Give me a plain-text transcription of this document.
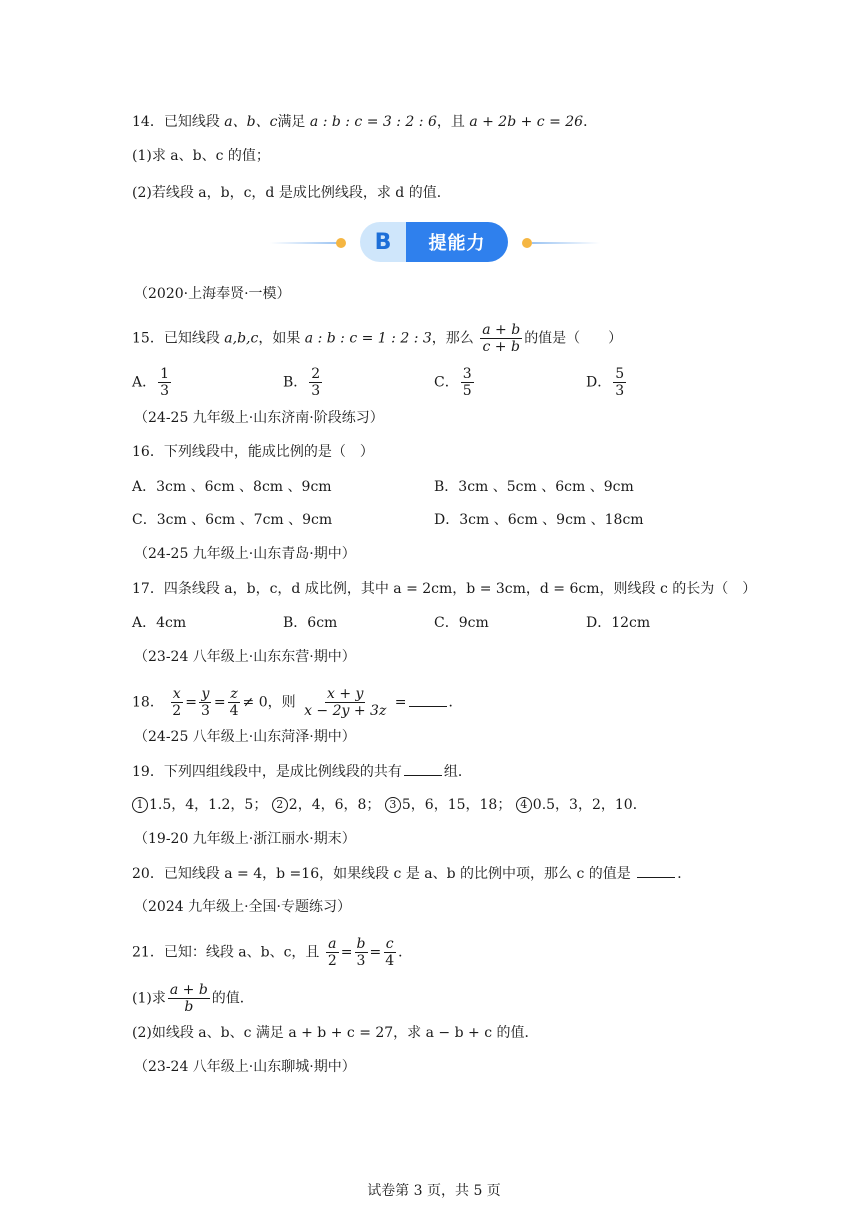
14．已知线段 a、b、c满足 a : b : c = 3 : 2 : 6，且 a + 2b + c = 26．
(1)求 a、b、c 的值；
(2)若线段 a，b，c，d 是成比例线段，求 d 的值．
B	提能力
（2020·上海奉贤·一模）
15．已知线段 a,b,c，如果 a : b : c = 1 : 2 : 3，那么 $\frac{a + b}{c + b}$ 的值是（　　）
A． $\frac{1}{3}$	B． $\frac{2}{3}$	C． $\frac{3}{5}$	D． $\frac{5}{3}$
（24-25 九年级上·山东济南·阶段练习）
16．下列线段中，能成比例的是（　）
A．3cm 、6cm 、8cm 、9cm	B．3cm 、5cm 、6cm 、9cm
C．3cm 、6cm 、7cm 、9cm	D．3cm 、6cm 、9cm 、18cm
（24-25 九年级上·山东青岛·期中）
17．四条线段 a，b，c，d 成比例，其中 a = 2cm，b = 3cm，d = 6cm，则线段 c 的长为（　）
A．4cm	B．6cm	C．9cm	D．12cm
（23-24 八年级上·山东东营·期中）
18． $\frac{x}{2} = \frac{y}{3} = \frac{z}{4} \ne 0$，则 $\frac{x + y}{x - 2y + 3z}$ =	．
（24-25 八年级上·山东菏泽·期中）
19．下列四组线段中，是成比例线段的共有	组．
1 1.5，4，1.2，5； 2 2，4，6，8； 3 5，6，15，18； 4 0.5，3，2，10．
（19-20 九年级上·浙江丽水·期末）
20．已知线段 a = 4，b =16，如果线段 c 是 a、b 的比例中项，那么 c 的值是	．
（2024 九年级上·全国·专题练习）
21．已知：线段 a、b、c，且 $\frac{a}{2} = \frac{b}{3} = \frac{c}{4}$ ．
(1)求 $\frac{a + b}{b}$ 的值．
(2)如线段 a、b、c 满足 a + b + c = 27，求 a − b + c 的值．
（23-24 八年级上·山东聊城·期中）
试卷第 3 页，共 5 页
